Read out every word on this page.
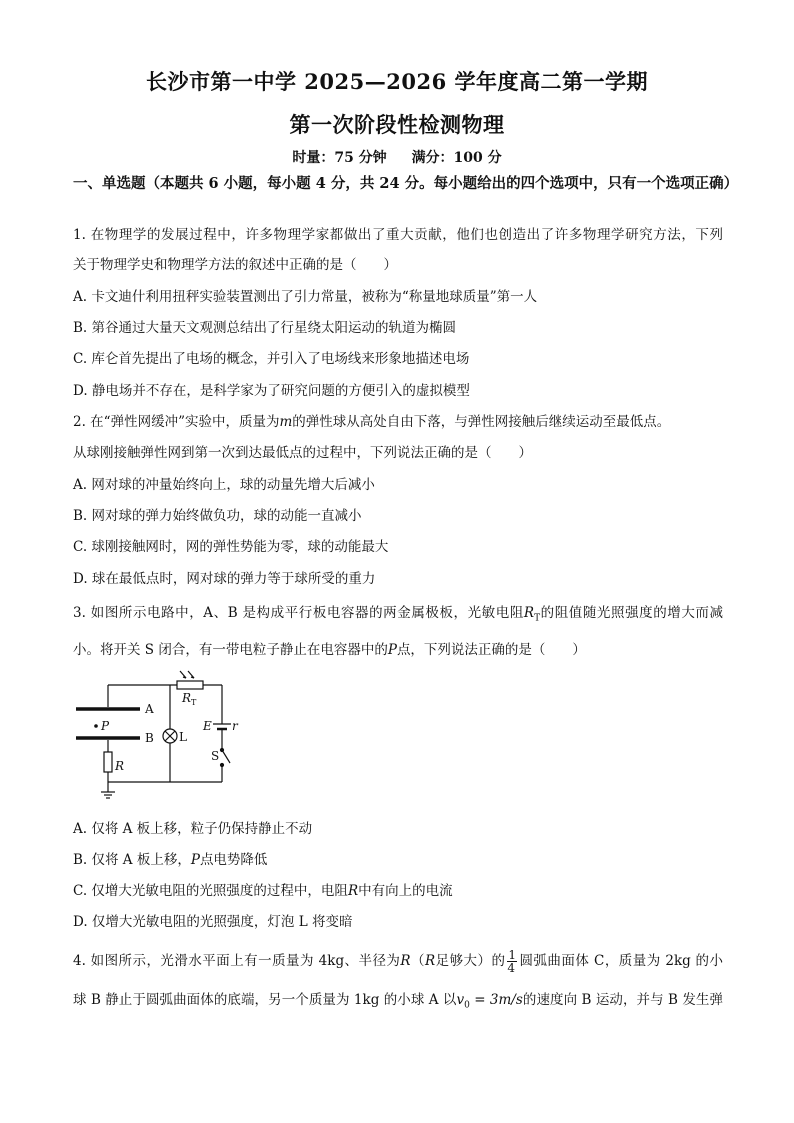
长沙市第一中学 2025—2026 学年度高二第一学期
第一次阶段性检测物理
时量：75 分钟 满分：100 分
一、单选题（本题共 6 小题，每小题 4 分，共 24 分。每小题给出的四个选项中，只有一个选项正确）
1. 在物理学的发展过程中，许多物理学家都做出了重大贡献，他们也创造出了许多物理学研究方法，下列
关于物理学史和物理学方法的叙述中正确的是（　　）
A. 卡文迪什利用扭秤实验装置测出了引力常量，被称为“称量地球质量”第一人
B. 第谷通过大量天文观测总结出了行星绕太阳运动的轨道为椭圆
C. 库仑首先提出了电场的概念，并引入了电场线来形象地描述电场
D. 静电场并不存在，是科学家为了研究问题的方便引入的虚拟模型
2. 在“弹性网缓冲”实验中，质量为m的弹性球从高处自由下落，与弹性网接触后继续运动至最低点。
从球刚接触弹性网到第一次到达最低点的过程中，下列说法正确的是（　　）
A. 网对球的冲量始终向上，球的动量先增大后减小
B. 网对球的弹力始终做负功，球的动能一直减小
C. 球刚接触网时，网的弹性势能为零，球的动能最大
D. 球在最低点时，网对球的弹力等于球所受的重力
3. 如图所示电路中，A、B 是构成平行板电容器的两金属极板，光敏电阻$R_T$的阻值随光照强度的增大而减
小。将开关 S 闭合，有一带电粒子静止在电容器中的P点，下列说法正确的是（　　）
R T
A
B
P
L
R
E r
S
A. 仅将 A 板上移，粒子仍保持静止不动
B. 仅将 A 板上移，P点电势降低
C. 仅增大光敏电阻的光照强度的过程中，电阻R中有向上的电流
D. 仅增大光敏电阻的光照强度，灯泡 L 将变暗
4. 如图所示，光滑水平面上有一质量为 4kg、半径为R（R足够大）的 $\frac{1}{4}$ 圆弧曲面体 C，质量为 2kg 的小
球 B 静止于圆弧曲面体的底端，另一个质量为 1kg 的小球 A 以$v_0 = 3m/s$的速度向 B 运动，并与 B 发生弹
